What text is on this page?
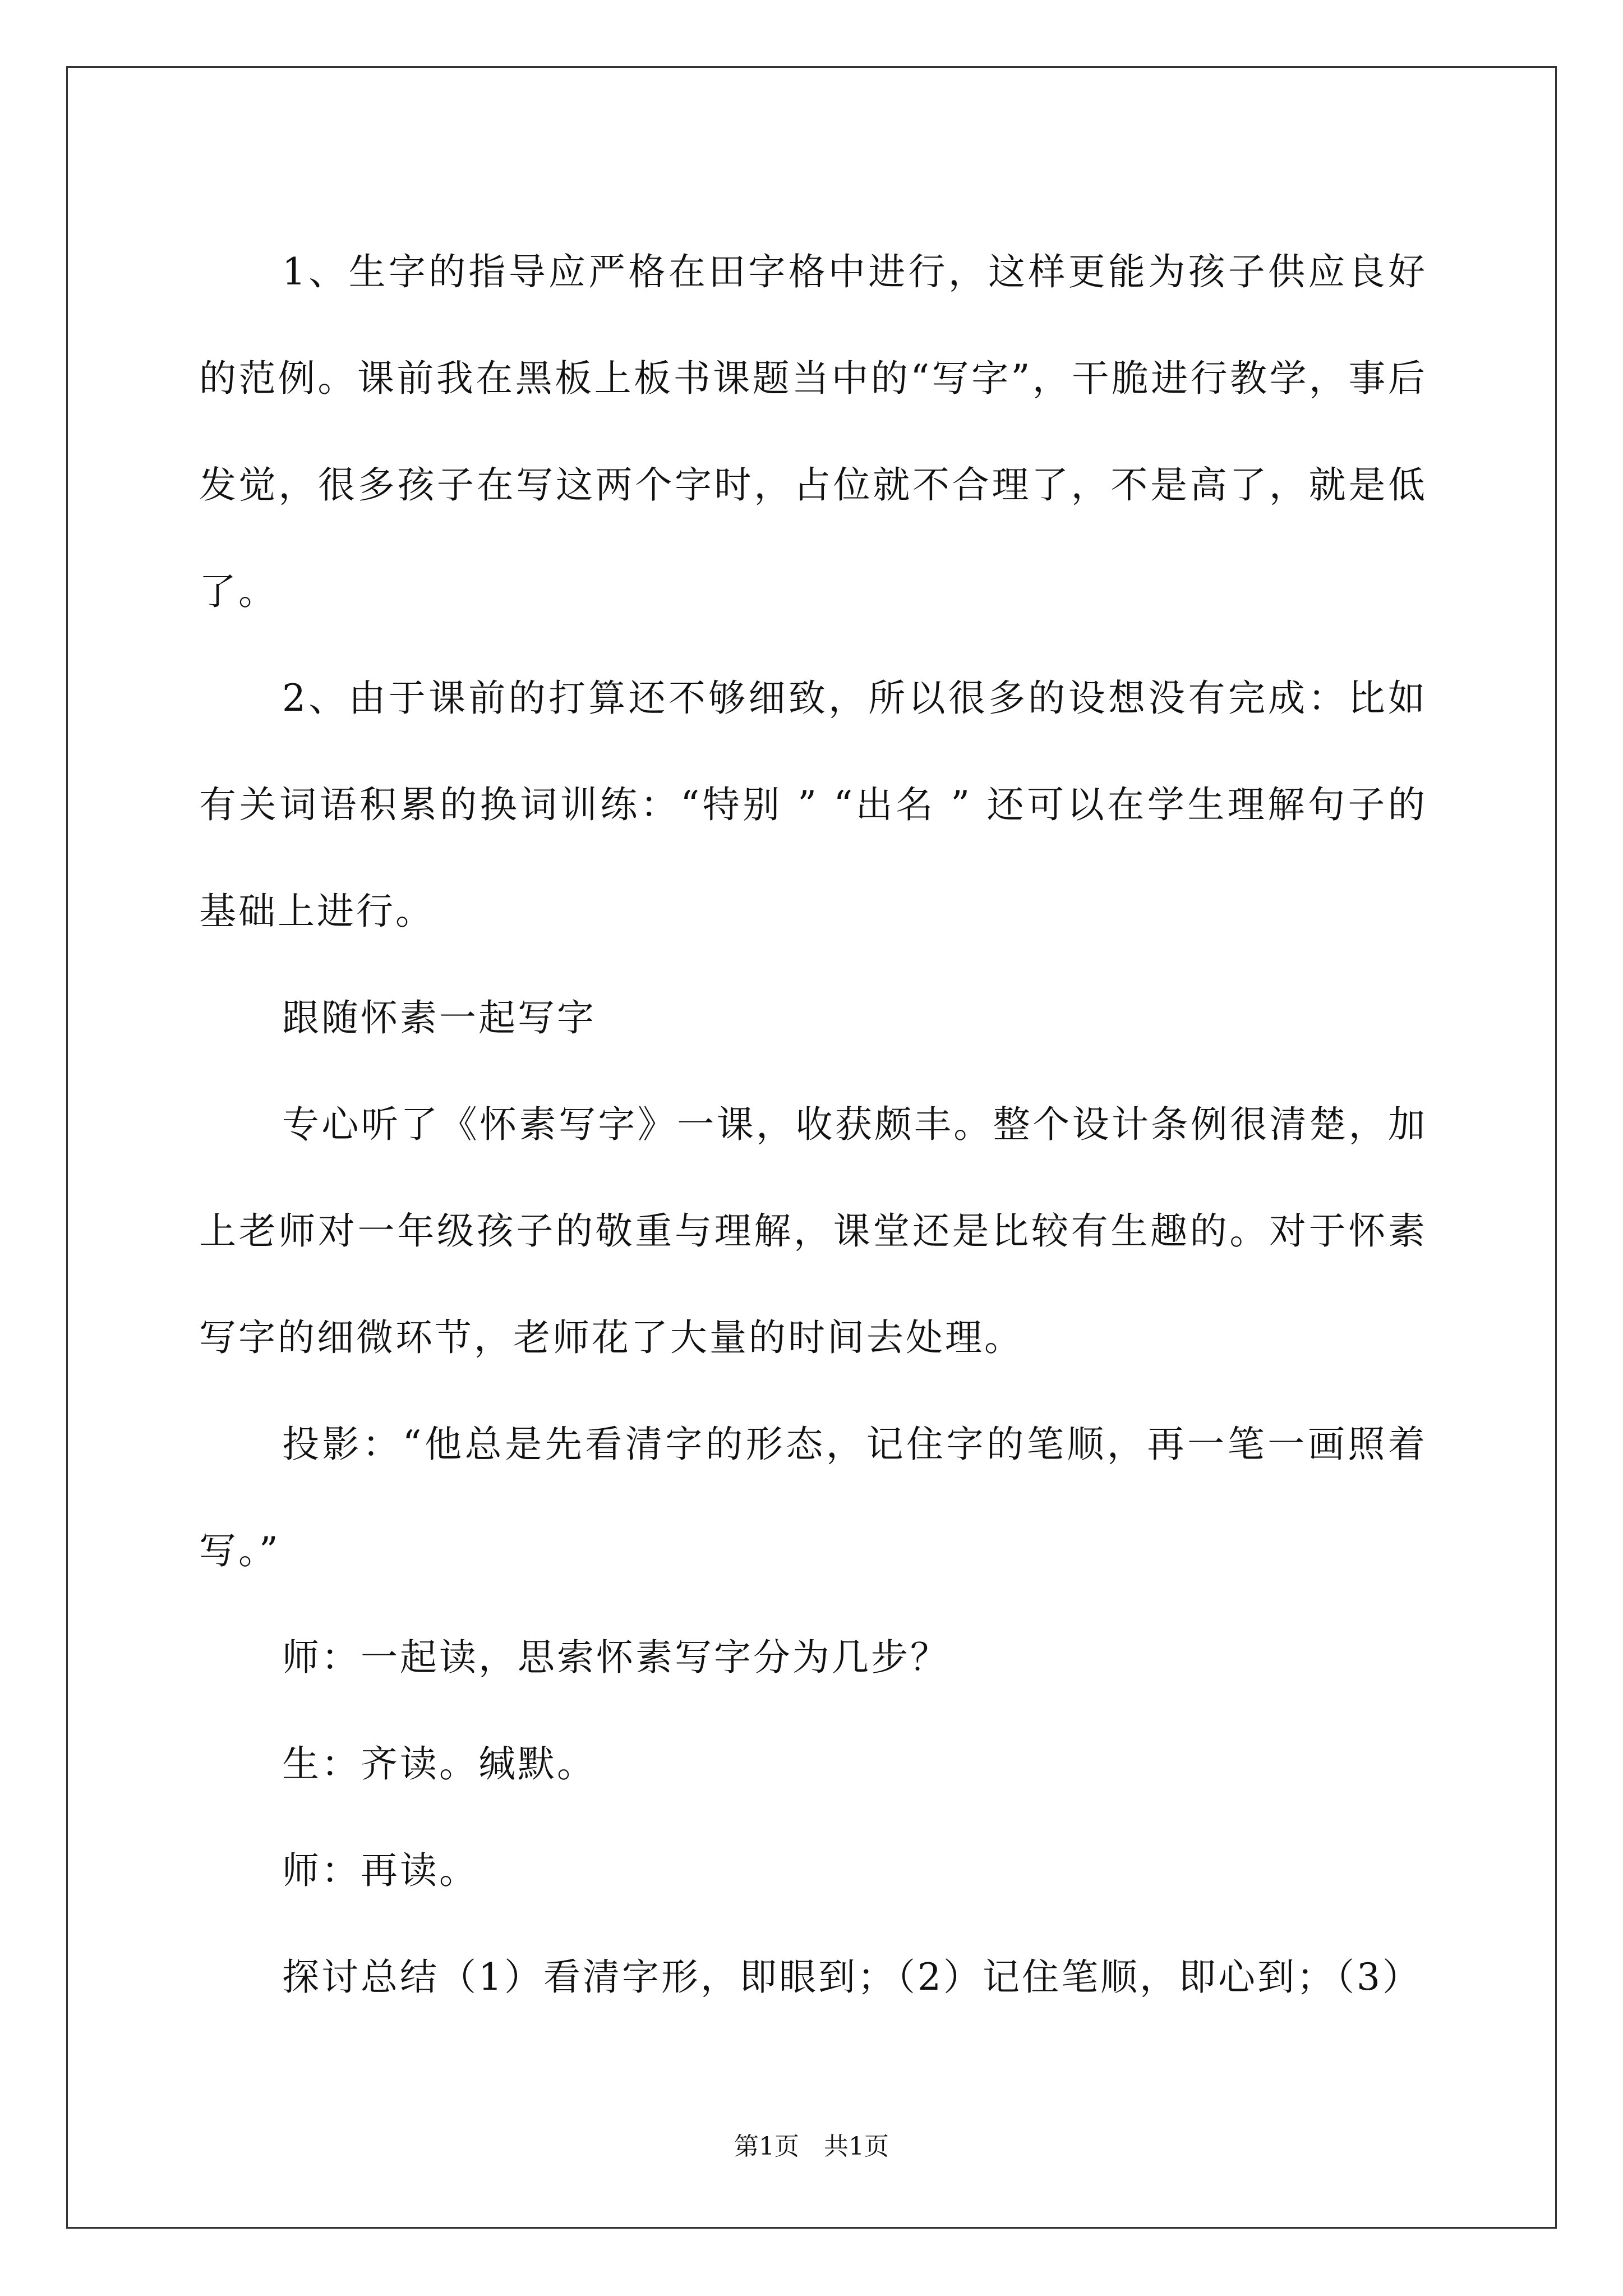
1、生字的指导应严格在田字格中进行，这样更能为孩子供应良好的范例。课前我在黑板上板书课题当中的“写字”，干脆进行教学，事后发觉，很多孩子在写这两个字时，占位就不合理了，不是高了，就是低了。

2、由于课前的打算还不够细致，所以很多的设想没有完成：比如有关词语积累的换词训练：“特别 ” “出名 ” 还可以在学生理解句子的基础上进行。

跟随怀素一起写字

专心听了《怀素写字》一课，收获颇丰。整个设计条例很清楚，加上老师对一年级孩子的敬重与理解，课堂还是比较有生趣的。对于怀素写字的细微环节，老师花了大量的时间去处理。

投影：“他总是先看清字的形态，记住字的笔顺，再一笔一画照着写。”

师：一起读，思索怀素写字分为几步？

生：齐读。缄默。

师：再读。

探讨总结（1）看清字形，即眼到；（2）记住笔顺，即心到；（3）

第1页 共1页
